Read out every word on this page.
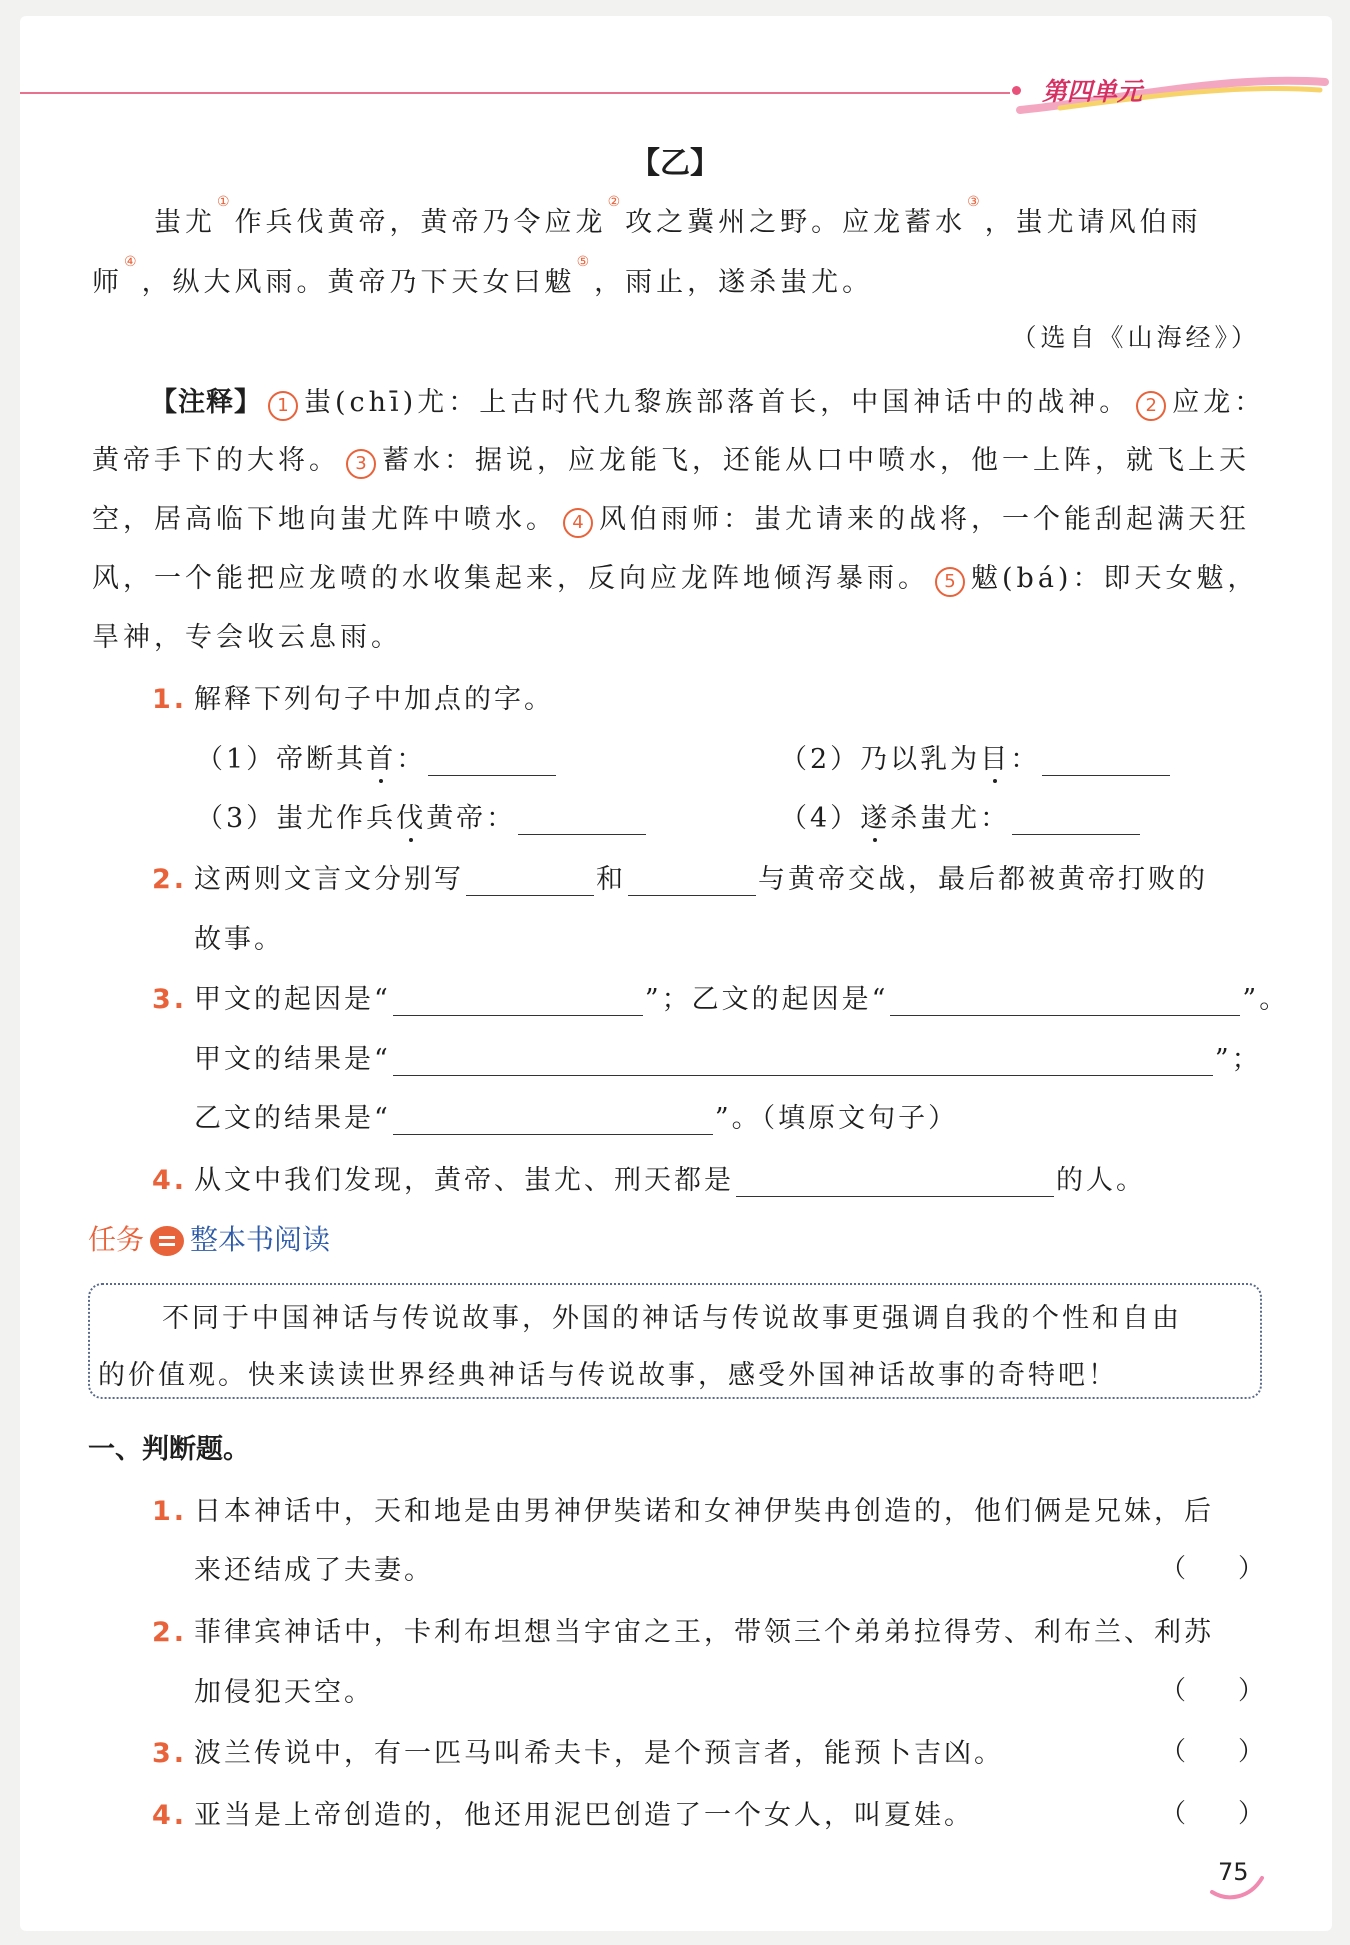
第四单元
【乙】
蚩尤①作兵伐黄帝，黄帝乃令应龙②攻之冀州之野。应龙蓄水③，蚩尤请风伯雨
师④，纵大风雨。黄帝乃下天女曰魃⑤，雨止，遂杀蚩尤。
（选自《山海经》）
【注释】 1 蚩(chī)尤：上古时代九黎族部落首长，中国神话中的战神。 2 应龙：
黄帝手下的大将。 3 蓄水：据说，应龙能飞，还能从口中喷水，他一上阵，就飞上天
空，居高临下地向蚩尤阵中喷水。 4 风伯雨师：蚩尤请来的战将，一个能刮起满天狂
风，一个能把应龙喷的水收集起来，反向应龙阵地倾泻暴雨。 5 魃(bá)：即天女魃，
旱神，专会收云息雨。
1. 解释下列句子中加点的字。
（1）帝断其首：	（2）乃以乳为目：
（3）蚩尤作兵伐黄帝：	（4）遂杀蚩尤：
2. 这两则文言文分别写	和	与黄帝交战，最后都被黄帝打败的
故事。
3. 甲文的起因是“	”；乙文的起因是“	”。
甲文的结果是“	”；
乙文的结果是“	”。（填原文句子）
4. 从文中我们发现，黄帝、蚩尤、刑天都是	的人。
任务 整本书阅读
不同于中国神话与传说故事，外国的神话与传说故事更强调自我的个性和自由
的价值观。快来读读世界经典神话与传说故事，感受外国神话故事的奇特吧！
一、判断题。
1. 日本神话中，天和地是由男神伊奘诺和女神伊奘冉创造的，他们俩是兄妹，后
来还结成了夫妻。	（　　）
2. 菲律宾神话中，卡利布坦想当宇宙之王，带领三个弟弟拉得劳、利布兰、利苏
加侵犯天空。	（　　）
3. 波兰传说中，有一匹马叫希夫卡，是个预言者，能预卜吉凶。	（　　）
4. 亚当是上帝创造的，他还用泥巴创造了一个女人，叫夏娃。	（　　）
75
